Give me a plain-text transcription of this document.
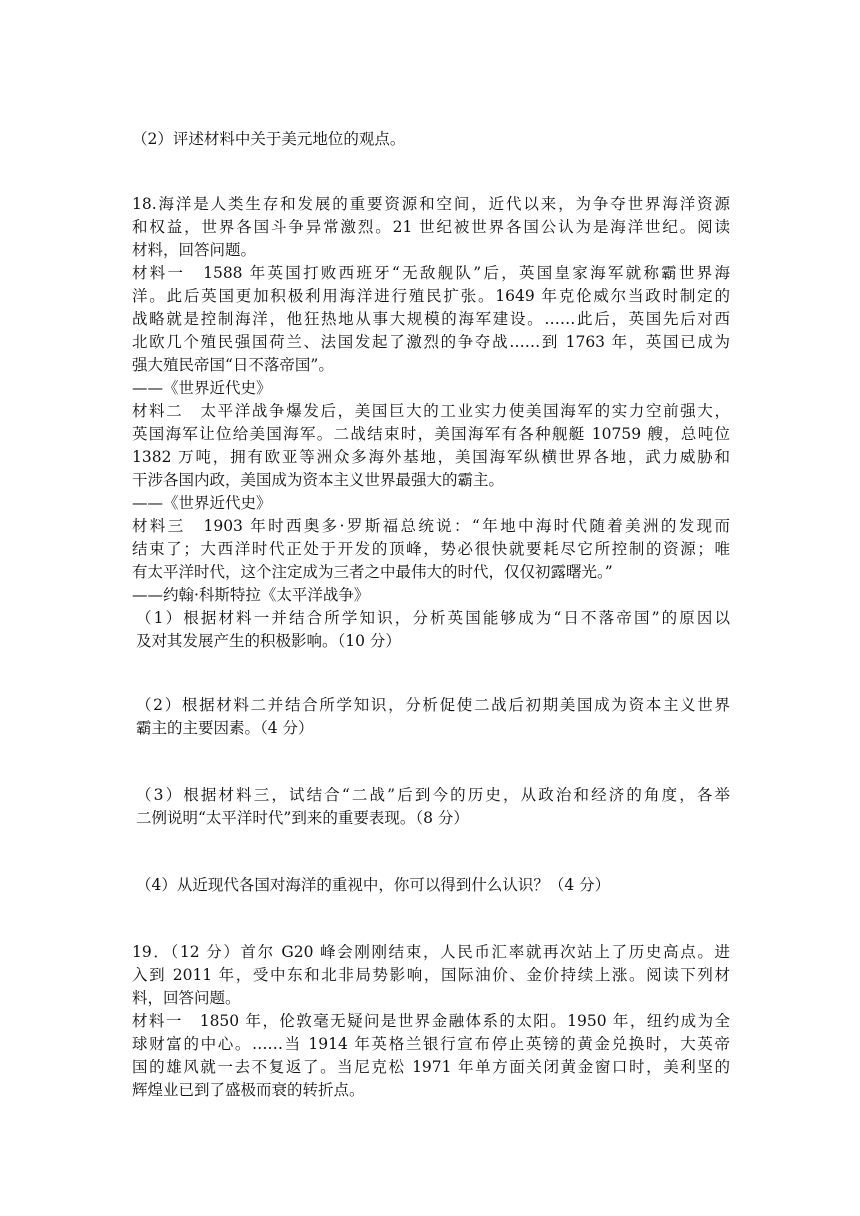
（2）评述材料中关于美元地位的观点。
18.海洋是人类生存和发展的重要资源和空间，近代以来，为争夺世界海洋资源
和权益，世界各国斗争异常激烈。21 世纪被世界各国公认为是海洋世纪。阅读
材料，回答问题。
材料一　1588 年英国打败西班牙“无敌舰队”后，英国皇家海军就称霸世界海
洋。此后英国更加积极利用海洋进行殖民扩张。1649 年克伦威尔当政时制定的
战略就是控制海洋，他狂热地从事大规模的海军建设。……此后，英国先后对西
北欧几个殖民强国荷兰、法国发起了激烈的争夺战……到 1763 年，英国已成为
强大殖民帝国“日不落帝国”。
——《世界近代史》
材料二　太平洋战争爆发后，美国巨大的工业实力使美国海军的实力空前强大，
英国海军让位给美国海军。二战结束时，美国海军有各种舰艇 10759 艘，总吨位
1382 万吨，拥有欧亚等洲众多海外基地，美国海军纵横世界各地，武力威胁和
干涉各国内政，美国成为资本主义世界最强大的霸主。
——《世界近代史》
材料三　1903 年时西奥多·罗斯福总统说：“年地中海时代随着美洲的发现而
结束了；大西洋时代正处于开发的顶峰，势必很快就要耗尽它所控制的资源；唯
有太平洋时代，这个注定成为三者之中最伟大的时代，仅仅初露曙光。”
——约翰·科斯特拉《太平洋战争》
（1）根据材料一并结合所学知识，分析英国能够成为“日不落帝国”的原因以
及对其发展产生的积极影响。（10 分）
（2）根据材料二并结合所学知识，分析促使二战后初期美国成为资本主义世界
霸主的主要因素。（4 分）
（3）根据材料三，试结合“二战”后到今的历史，从政治和经济的角度，各举
二例说明“太平洋时代”到来的重要表现。（8 分）
（4）从近现代各国对海洋的重视中，你可以得到什么认识？（4 分）
19．（12 分）首尔 G20 峰会刚刚结束，人民币汇率就再次站上了历史高点。进
入到 2011 年，受中东和北非局势影响，国际油价、金价持续上涨。阅读下列材
料，回答问题。
材料一　1850 年，伦敦毫无疑问是世界金融体系的太阳。1950 年，纽约成为全
球财富的中心。……当 1914 年英格兰银行宣布停止英镑的黄金兑换时，大英帝
国的雄风就一去不复返了。当尼克松 1971 年单方面关闭黄金窗口时，美利坚的
辉煌业已到了盛极而衰的转折点。
